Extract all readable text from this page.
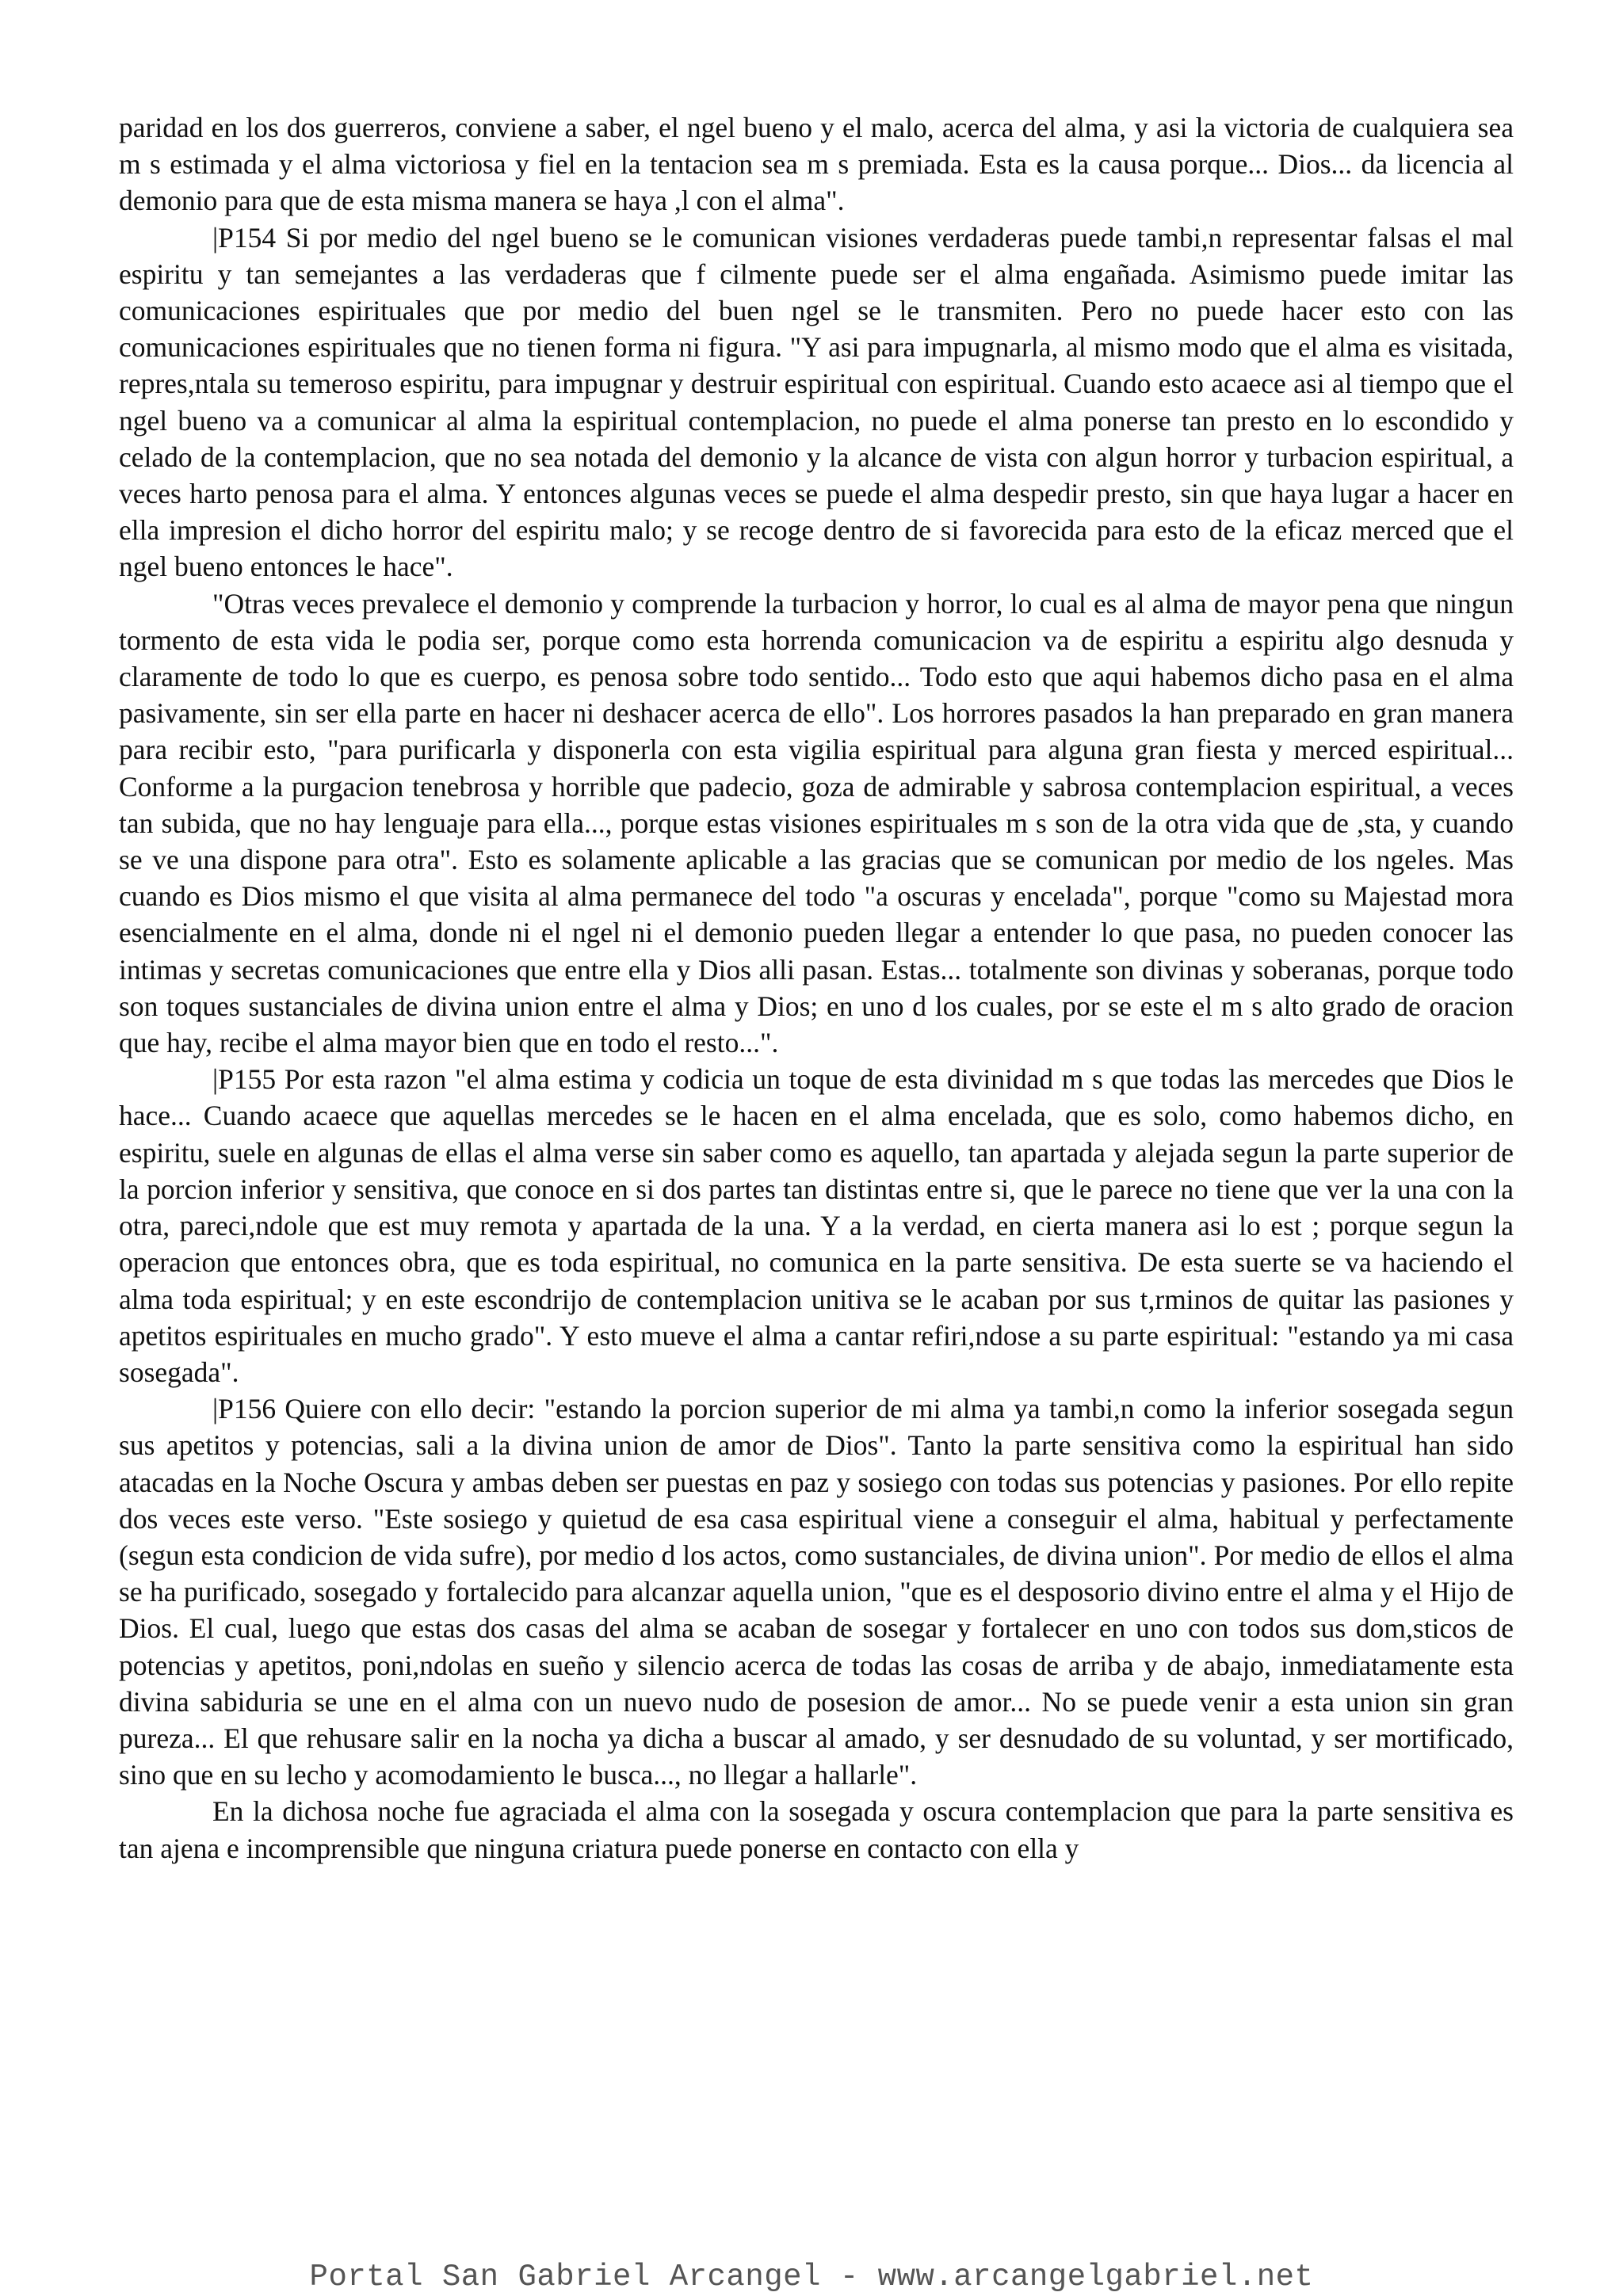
paridad en los dos guerreros, conviene a saber, el ngel bueno y el malo, acerca del alma, y asi la victoria de cualquiera sea m s estimada y el alma victoriosa y fiel en la tentacion sea m s premiada. Esta es la causa porque... Dios... da licencia al demonio para que de esta misma manera se haya ,l con el alma".

|P154 Si por medio del ngel bueno se le comunican visiones verdaderas puede tambi,n representar falsas el mal espiritu y tan semejantes a las verdaderas que f cilmente puede ser el alma engañada. Asimismo puede imitar las comunicaciones espirituales que por medio del buen ngel se le transmiten. Pero no puede hacer esto con las comunicaciones espirituales que no tienen forma ni figura. "Y asi para impugnarla, al mismo modo que el alma es visitada, repres,ntala su temeroso espiritu, para impugnar y destruir espiritual con espiritual. Cuando esto acaece asi al tiempo que el ngel bueno va a comunicar al alma la espiritual contemplacion, no puede el alma ponerse tan presto en lo escondido y celado de la contemplacion, que no sea notada del demonio y la alcance de vista con algun horror y turbacion espiritual, a veces harto penosa para el alma. Y entonces algunas veces se puede el alma despedir presto, sin que haya lugar a hacer en ella impresion el dicho horror del espiritu malo; y se recoge dentro de si favorecida para esto de la eficaz merced que el ngel bueno entonces le hace".

"Otras veces prevalece el demonio y comprende la turbacion y horror, lo cual es al alma de mayor pena que ningun tormento de esta vida le podia ser, porque como esta horrenda comunicacion va de espiritu a espiritu algo desnuda y claramente de todo lo que es cuerpo, es penosa sobre todo sentido... Todo esto que aqui habemos dicho pasa en el alma pasivamente, sin ser ella parte en hacer ni deshacer acerca de ello". Los horrores pasados la han preparado en gran manera para recibir esto, "para purificarla y disponerla con esta vigilia espiritual para alguna gran fiesta y merced espiritual... Conforme a la purgacion tenebrosa y horrible que padecio, goza de admirable y sabrosa contemplacion espiritual, a veces tan subida, que no hay lenguaje para ella..., porque estas visiones espirituales m s son de la otra vida que de ,sta, y cuando se ve una dispone para otra". Esto es solamente aplicable a las gracias que se comunican por medio de los ngeles. Mas cuando es Dios mismo el que visita al alma permanece del todo "a oscuras y encelada", porque "como su Majestad mora esencialmente en el alma, donde ni el ngel ni el demonio pueden llegar a entender lo que pasa, no pueden conocer las intimas y secretas comunicaciones que entre ella y Dios alli pasan. Estas... totalmente son divinas y soberanas, porque todo son toques sustanciales de divina union entre el alma y Dios; en uno d los cuales, por se este el m s alto grado de oracion que hay, recibe el alma mayor bien que en todo el resto...".

|P155 Por esta razon "el alma estima y codicia un toque de esta divinidad m s que todas las mercedes que Dios le hace... Cuando acaece que aquellas mercedes se le hacen en el alma encelada, que es solo, como habemos dicho, en espiritu, suele en algunas de ellas el alma verse sin saber como es aquello, tan apartada y alejada segun la parte superior de la porcion inferior y sensitiva, que conoce en si dos partes tan distintas entre si, que le parece no tiene que ver la una con la otra, pareci,ndole que est muy remota y apartada de la una. Y a la verdad, en cierta manera asi lo est ; porque segun la operacion que entonces obra, que es toda espiritual, no comunica en la parte sensitiva. De esta suerte se va haciendo el alma toda espiritual; y en este escondrijo de contemplacion unitiva se le acaban por sus t,rminos de quitar las pasiones y apetitos espirituales en mucho grado". Y esto mueve el alma a cantar refiri,ndose a su parte espiritual: "estando ya mi casa sosegada".

|P156 Quiere con ello decir: "estando la porcion superior de mi alma ya tambi,n como la inferior sosegada segun sus apetitos y potencias, sali a la divina union de amor de Dios". Tanto la parte sensitiva como la espiritual han sido atacadas en la Noche Oscura y ambas deben ser puestas en paz y sosiego con todas sus potencias y pasiones. Por ello repite dos veces este verso. "Este sosiego y quietud de esa casa espiritual viene a conseguir el alma, habitual y perfectamente (segun esta condicion de vida sufre), por medio d los actos, como sustanciales, de divina union". Por medio de ellos el alma se ha purificado, sosegado y fortalecido para alcanzar aquella union, "que es el desposorio divino entre el alma y el Hijo de Dios. El cual, luego que estas dos casas del alma se acaban de sosegar y fortalecer en uno con todos sus dom,sticos de potencias y apetitos, poni,ndolas en sueño y silencio acerca de todas las cosas de arriba y de abajo, inmediatamente esta divina sabiduria se une en el alma con un nuevo nudo de posesion de amor... No se puede venir a esta union sin gran pureza... El que rehusare salir en la nocha ya dicha a buscar al amado, y ser desnudado de su voluntad, y ser mortificado, sino que en su lecho y acomodamiento le busca..., no llegar a hallarle".

En la dichosa noche fue agraciada el alma con la sosegada y oscura contemplacion que para la parte sensitiva es tan ajena e incomprensible que ninguna criatura puede ponerse en contacto con ella y

Portal San Gabriel Arcangel - www.arcangelgabriel.net
